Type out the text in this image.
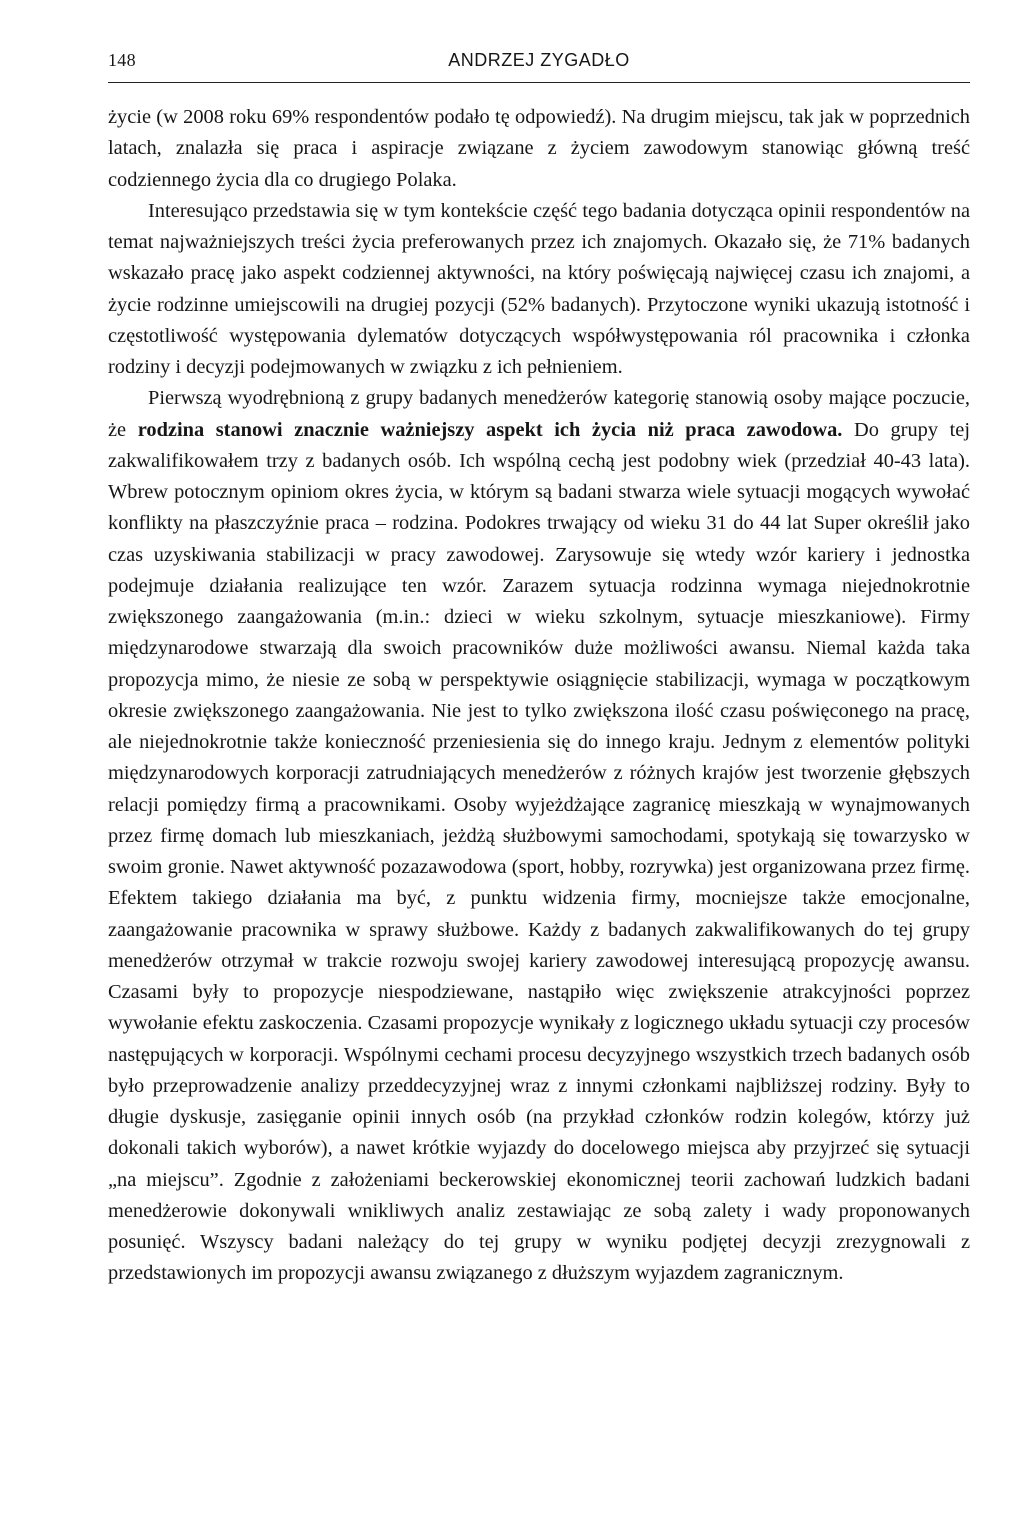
148	ANDRZEJ ZYGADŁO

życie (w 2008 roku 69% respondentów podało tę odpowiedź). Na drugim miejscu, tak jak w poprzednich latach, znalazła się praca i aspiracje związane z życiem zawodowym stanowiąc główną treść codziennego życia dla co drugiego Polaka.

Interesująco przedstawia się w tym kontekście część tego badania dotycząca opinii respondentów na temat najważniejszych treści życia preferowanych przez ich znajomych. Okazało się, że 71% badanych wskazało pracę jako aspekt codziennej aktywności, na który poświęcają najwięcej czasu ich znajomi, a życie rodzinne umiejscowili na drugiej pozycji (52% badanych). Przytoczone wyniki ukazują istotność i częstotliwość występowania dylematów dotyczących współwystępowania ról pracownika i członka rodziny i decyzji podejmowanych w związku z ich pełnieniem.

Pierwszą wyodrębnioną z grupy badanych menedżerów kategorię stanowią osoby mające poczucie, że rodzina stanowi znacznie ważniejszy aspekt ich życia niż praca zawodowa. Do grupy tej zakwalifikowałem trzy z badanych osób. Ich wspólną cechą jest podobny wiek (przedział 40-43 lata). Wbrew potocznym opiniom okres życia, w którym są badani stwarza wiele sytuacji mogących wywołać konflikty na płaszczyźnie praca – rodzina. Podokres trwający od wieku 31 do 44 lat Super określił jako czas uzyskiwania stabilizacji w pracy zawodowej. Zarysowuje się wtedy wzór kariery i jednostka podejmuje działania realizujące ten wzór. Zarazem sytuacja rodzinna wymaga niejednokrotnie zwiększonego zaangażowania (m.in.: dzieci w wieku szkolnym, sytuacje mieszkaniowe). Firmy międzynarodowe stwarzają dla swoich pracowników duże możliwości awansu. Niemal każda taka propozycja mimo, że niesie ze sobą w perspektywie osiągnięcie stabilizacji, wymaga w początkowym okresie zwiększonego zaangażowania. Nie jest to tylko zwiększona ilość czasu poświęconego na pracę, ale niejednokrotnie także konieczność przeniesienia się do innego kraju. Jednym z elementów polityki międzynarodowych korporacji zatrudniających menedżerów z różnych krajów jest tworzenie głębszych relacji pomiędzy firmą a pracownikami. Osoby wyjeżdżające zagranicę mieszkają w wynajmowanych przez firmę domach lub mieszkaniach, jeżdżą służbowymi samochodami, spotykają się towarzysko w swoim gronie. Nawet aktywność pozazawodowa (sport, hobby, rozrywka) jest organizowana przez firmę. Efektem takiego działania ma być, z punktu widzenia firmy, mocniejsze także emocjonalne, zaangażowanie pracownika w sprawy służbowe. Każdy z badanych zakwalifikowanych do tej grupy menedżerów otrzymał w trakcie rozwoju swojej kariery zawodowej interesującą propozycję awansu. Czasami były to propozycje niespodziewane, nastąpiło więc zwiększenie atrakcyjności poprzez wywołanie efektu zaskoczenia. Czasami propozycje wynikały z logicznego układu sytuacji czy procesów następujących w korporacji. Wspólnymi cechami procesu decyzyjnego wszystkich trzech badanych osób było przeprowadzenie analizy przeddecyzyjnej wraz z innymi członkami najbliższej rodziny. Były to długie dyskusje, zasięganie opinii innych osób (na przykład członków rodzin kolegów, którzy już dokonali takich wyborów), a nawet krótkie wyjazdy do docelowego miejsca aby przyjrzeć się sytuacji „na miejscu”. Zgodnie z założeniami beckerowskiej ekonomicznej teorii zachowań ludzkich badani menedżerowie dokonywali wnikliwych analiz zestawiając ze sobą zalety i wady proponowanych posunięć. Wszyscy badani należący do tej grupy w wyniku podjętej decyzji zrezygnowali z przedstawionych im propozycji awansu związanego z dłuższym wyjazdem zagranicznym.
